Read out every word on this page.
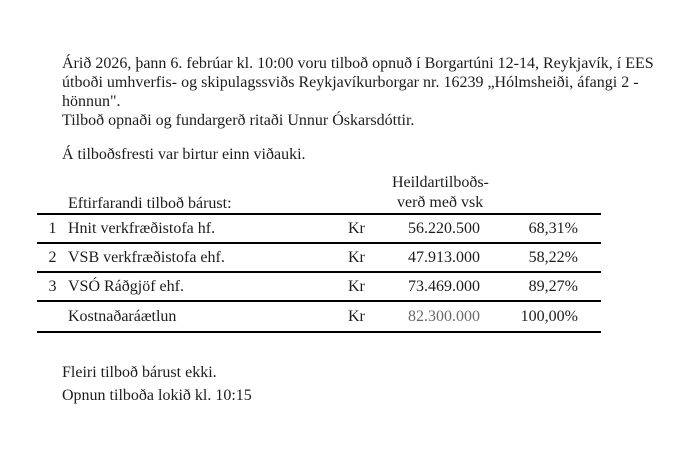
Árið 2026, þann 6. febrúar kl. 10:00 voru tilboð opnuð í Borgartúni 12-14, Reykjavík, í EES
útboði umhverfis- og skipulagssviðs Reykjavíkurborgar nr. 16239 „Hólmsheiði, áfangi 2 -
hönnun".
Tilboð opnaði og fundargerð ritaði Unnur Óskarsdóttir.
Á tilboðsfresti var birtur einn viðauki.
Eftirfarandi tilboð bárust:
Heildartilboðs-
verð með vsk
1 Hnit verkfræðistofa hf.	Kr	56.220.500	68,31%
2 VSB verkfræðistofa ehf.	Kr	47.913.000	58,22%
3 VSÓ Ráðgjöf ehf.	Kr	73.469.000	89,27%
Kostnaðaráætlun	Kr	82.300.000	100,00%
Fleiri tilboð bárust ekki.
Opnun tilboða lokið kl. 10:15
